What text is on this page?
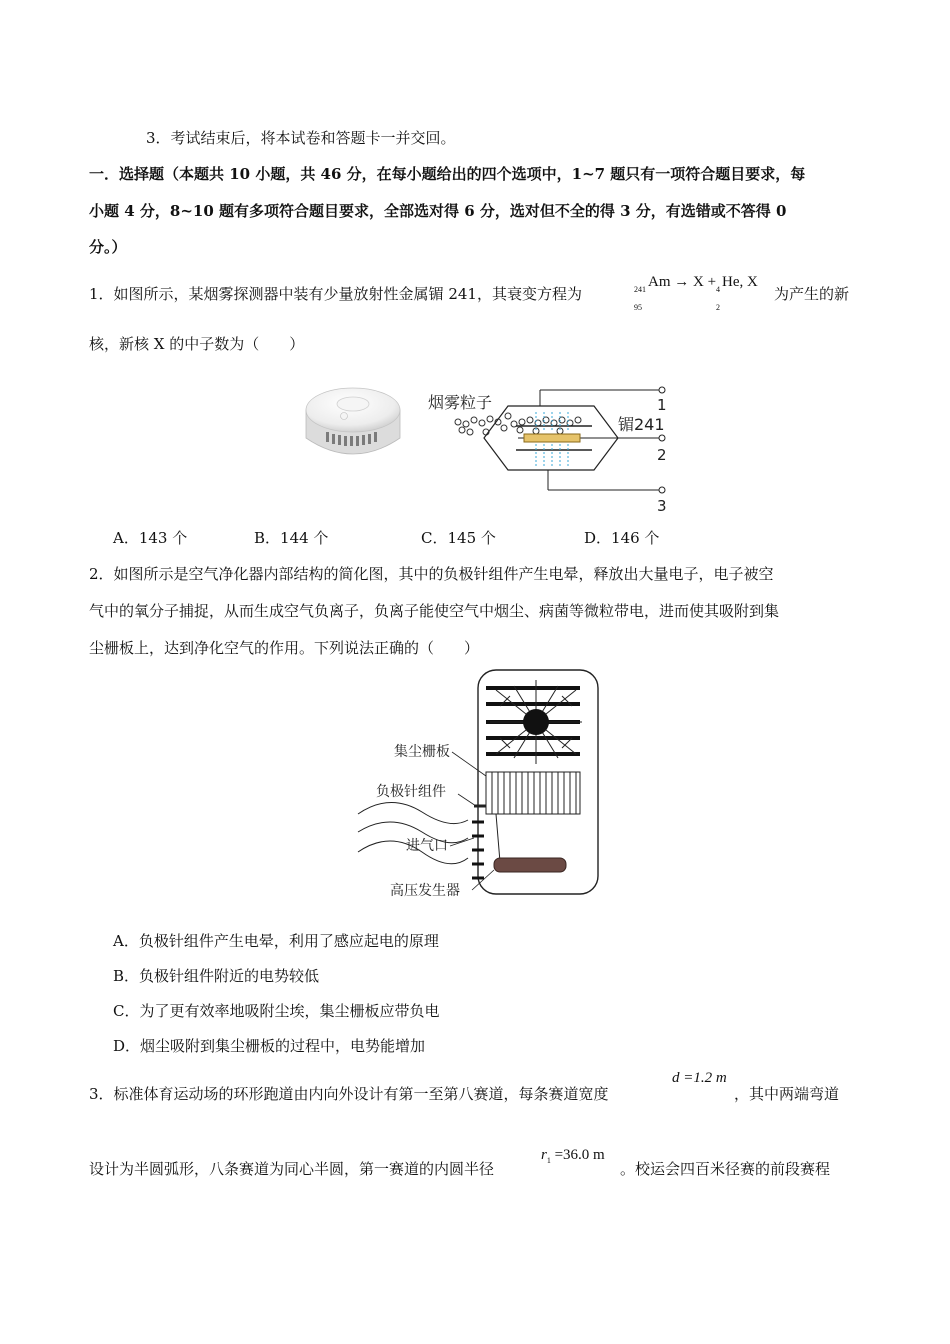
3．考试结束后，将本试卷和答题卡一并交回。
一．选择题（本题共 10 小题，共 46 分，在每小题给出的四个选项中，1~7 题只有一项符合题目要求，每
小题 4 分，8~10 题有多项符合题目要求，全部选对得 6 分，选对但不全的得 3 分，有选错或不答得 0
分。）
1．如图所示，某烟雾探测器中装有少量放射性金属镅 241，其衰变方程为	241
95
Am → X + 4
2
He, X
为产生的新
核，新核 X 的中子数为（　　）
烟雾粒子
镅241
1
2
3
A．143 个	B．144 个	C．145 个	D．146 个
2．如图所示是空气净化器内部结构的简化图，其中的负极针组件产生电晕，释放出大量电子，电子被空
气中的氧分子捕捉，从而生成空气负离子，负离子能使空气中烟尘、病菌等微粒带电，进而使其吸附到集
尘栅板上，达到净化空气的作用。下列说法正确的（　　）
集尘栅板
负极针组件
进气口
高压发生器
A．负极针组件产生电晕，利用了感应起电的原理
B．负极针组件附近的电势较低
C．为了更有效率地吸附尘埃，集尘栅板应带负电
D．烟尘吸附到集尘栅板的过程中，电势能增加
d =1.2 m
3．标准体育运动场的环形跑道由内向外设计有第一至第八赛道，每条赛道宽度	，其中两端弯道
$r_1 =36.0$ m
设计为半圆弧形，八条赛道为同心半圆，第一赛道的内圆半径	。校运会四百米径赛的前段赛程
